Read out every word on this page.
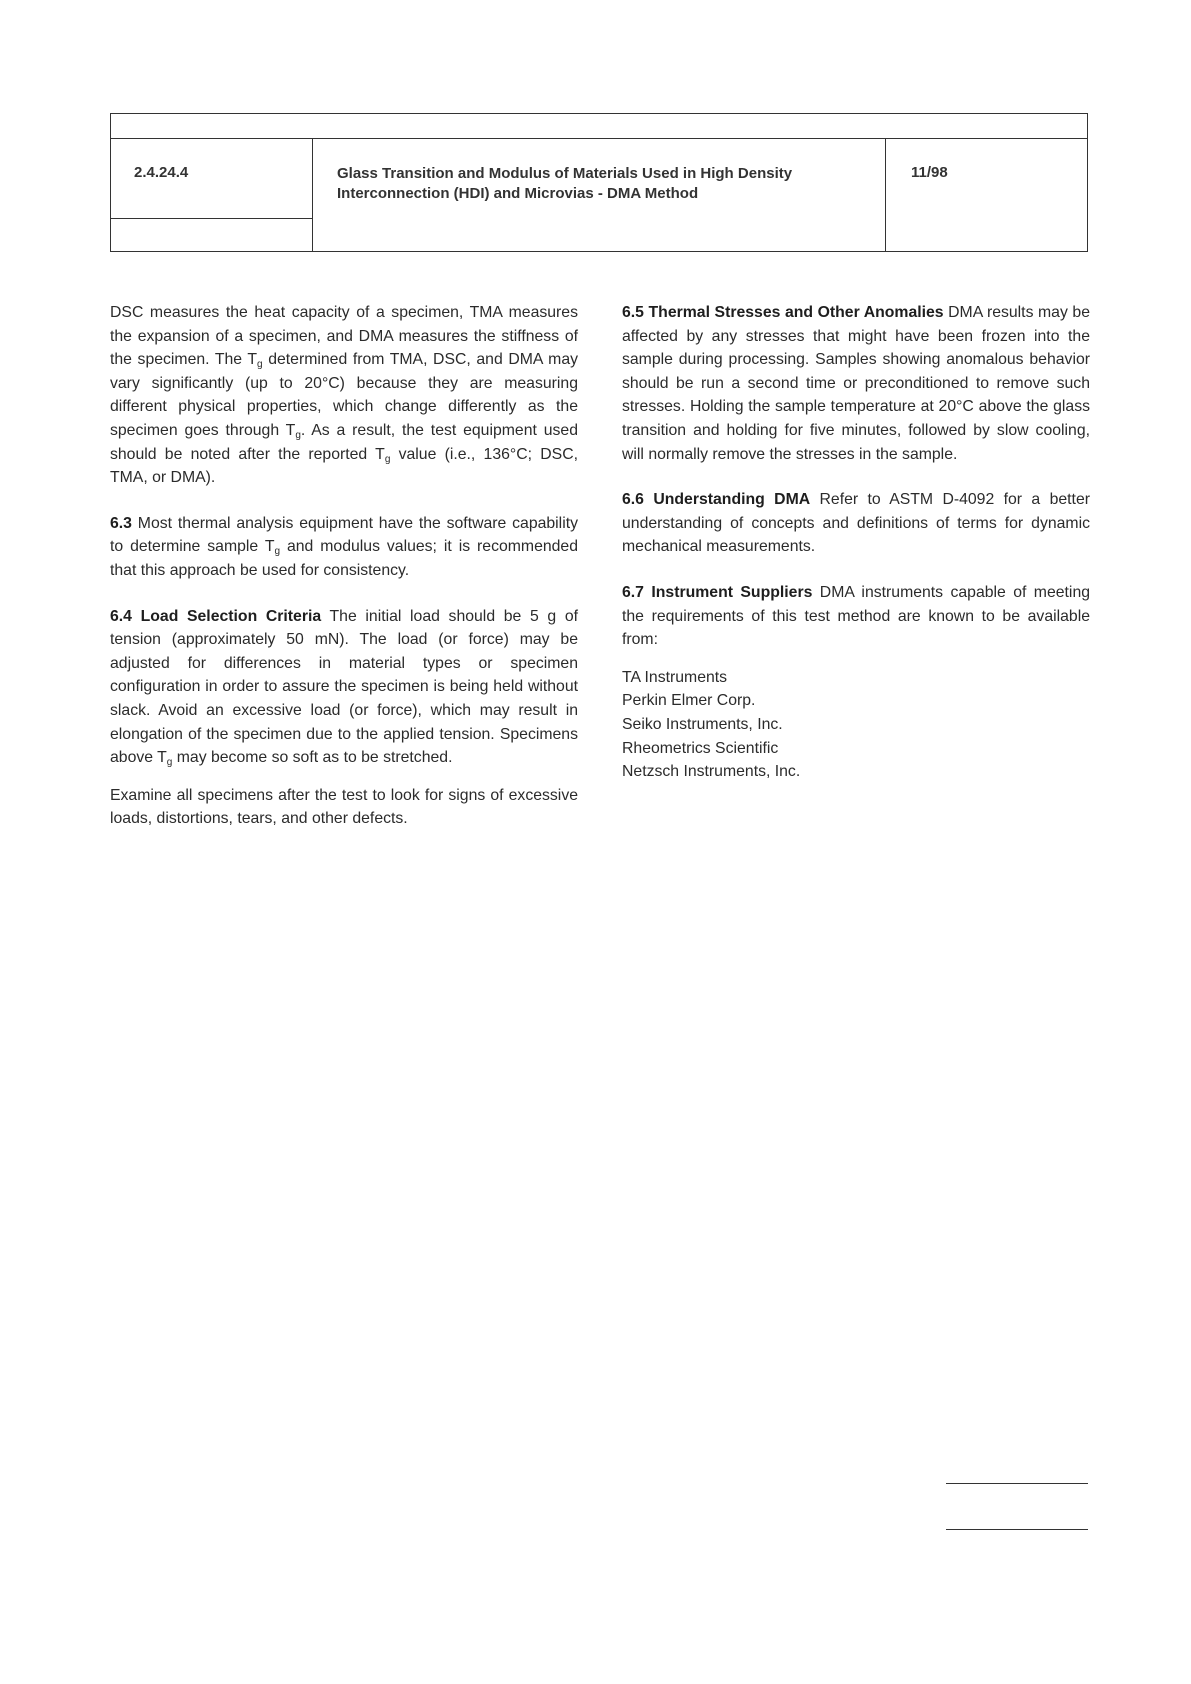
2.4.24.4	Glass Transition and Modulus of Materials Used in High Density Interconnection (HDI) and Microvias - DMA Method
11/98

DSC measures the heat capacity of a specimen, TMA measures the expansion of a specimen, and DMA measures the stiffness of the specimen. The $T_g$ determined from TMA, DSC, and DMA may vary significantly (up to 20°C) because they are measuring different physical properties, which change differently as the specimen goes through $T_g$. As a result, the test equipment used should be noted after the reported $T_g$ value (i.e., 136°C; DSC, TMA, or DMA).

6.3 Most thermal analysis equipment have the software capability to determine sample $T_g$ and modulus values; it is recommended that this approach be used for consistency.

6.4 Load Selection Criteria The initial load should be 5 g of tension (approximately 50 mN). The load (or force) may be adjusted for differences in material types or specimen configuration in order to assure the specimen is being held without slack. Avoid an excessive load (or force), which may result in elongation of the specimen due to the applied tension. Specimens above $T_g$ may become so soft as to be stretched.

Examine all specimens after the test to look for signs of excessive loads, distortions, tears, and other defects.

6.5 Thermal Stresses and Other Anomalies DMA results may be affected by any stresses that might have been frozen into the sample during processing. Samples showing anomalous behavior should be run a second time or preconditioned to remove such stresses. Holding the sample temperature at 20°C above the glass transition and holding for five minutes, followed by slow cooling, will normally remove the stresses in the sample.

6.6 Understanding DMA Refer to ASTM D-4092 for a better understanding of concepts and definitions of terms for dynamic mechanical measurements.

6.7 Instrument Suppliers DMA instruments capable of meeting the requirements of this test method are known to be available from:

TA Instruments
Perkin Elmer Corp.
Seiko Instruments, Inc.
Rheometrics Scientific
Netzsch Instruments, Inc.
